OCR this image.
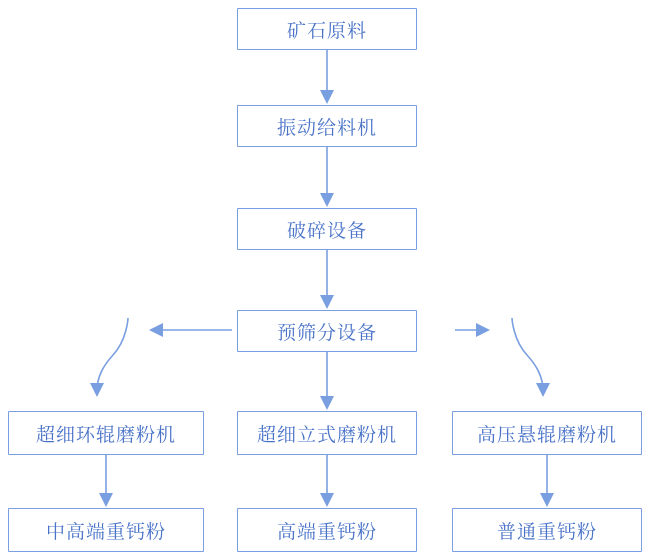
矿石原料
振动给料机
破碎设备
预筛分设备
超细环辊磨粉机	超细立式磨粉机	高压悬辊磨粉机
中高端重钙粉	高端重钙粉	普通重钙粉
